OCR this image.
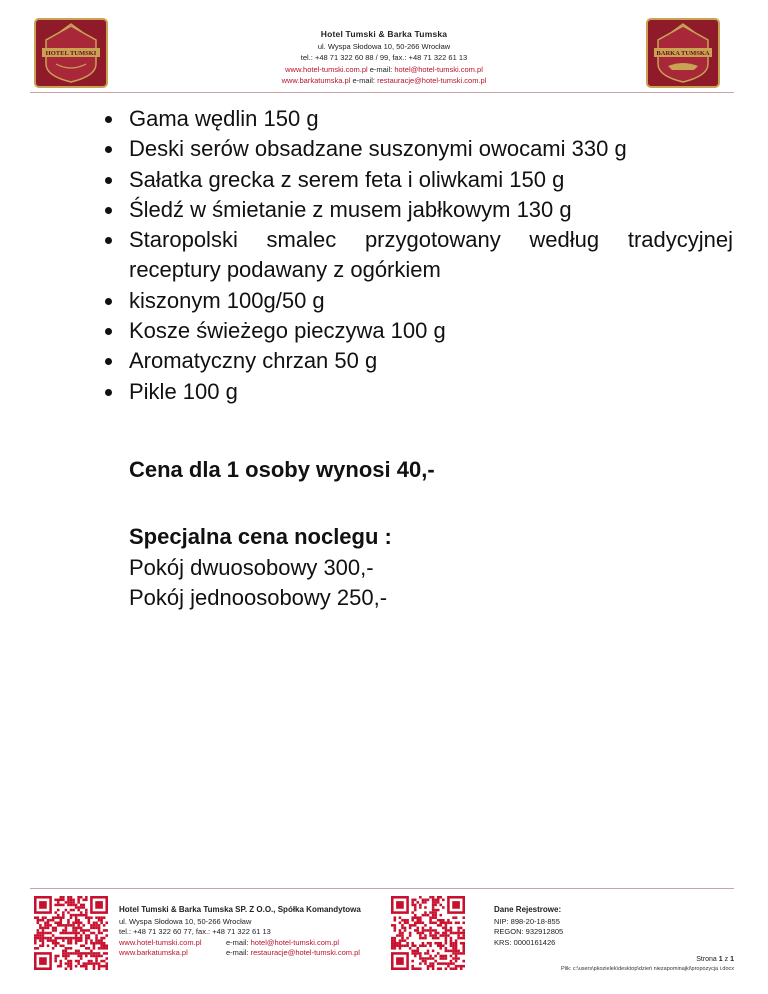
HOTEL TUMSKI	BARKA TUMSKA
Hotel Tumski & Barka Tumska
ul. Wyspa Słodowa 10, 50-266 Wrocław
tel.: +48 71 322 60 88 / 99, fax.: +48 71 322 61 13
www.hotel-tumski.com.pl e-mail: hotel@hotel-tumski.com.pl
www.barkatumska.pl e-mail: restauracje@hotel-tumski.com.pl
Gama wędlin 150 g
Deski serów obsadzane suszonymi owocami 330 g
Sałatka grecka z serem feta i oliwkami 150 g
Śledź w śmietanie z musem jabłkowym 130 g
Staropolski smalec przygotowany według tradycyjnej
receptury podawany z ogórkiem
kiszonym 100g/50 g
Kosze świeżego pieczywa 100 g
Aromatyczny chrzan 50 g
Pikle 100 g
Cena dla 1 osoby wynosi 40,-
Specjalna cena noclegu :
Pokój dwuosobowy 300,-
Pokój jednoosobowy 250,-
Hotel Tumski & Barka Tumska SP. Z O.O., Spółka Komandytowa
ul. Wyspa Słodowa 10, 50-266 Wrocław
tel.: +48 71 322 60 77, fax.: +48 71 322 61 13
www.hotel-tumski.com.pl	e-mail: hotel@hotel-tumski.com.pl
www.barkatumska.pl	e-mail: restauracje@hotel-tumski.com.pl
Dane Rejestrowe:
NIP: 898-20-18-855
REGON: 932912805
KRS: 0000161426
Strona 1 z 1
Plik: c:\users\pkozielek\desktop\dzień niezapominajki\propozycja i.docx
